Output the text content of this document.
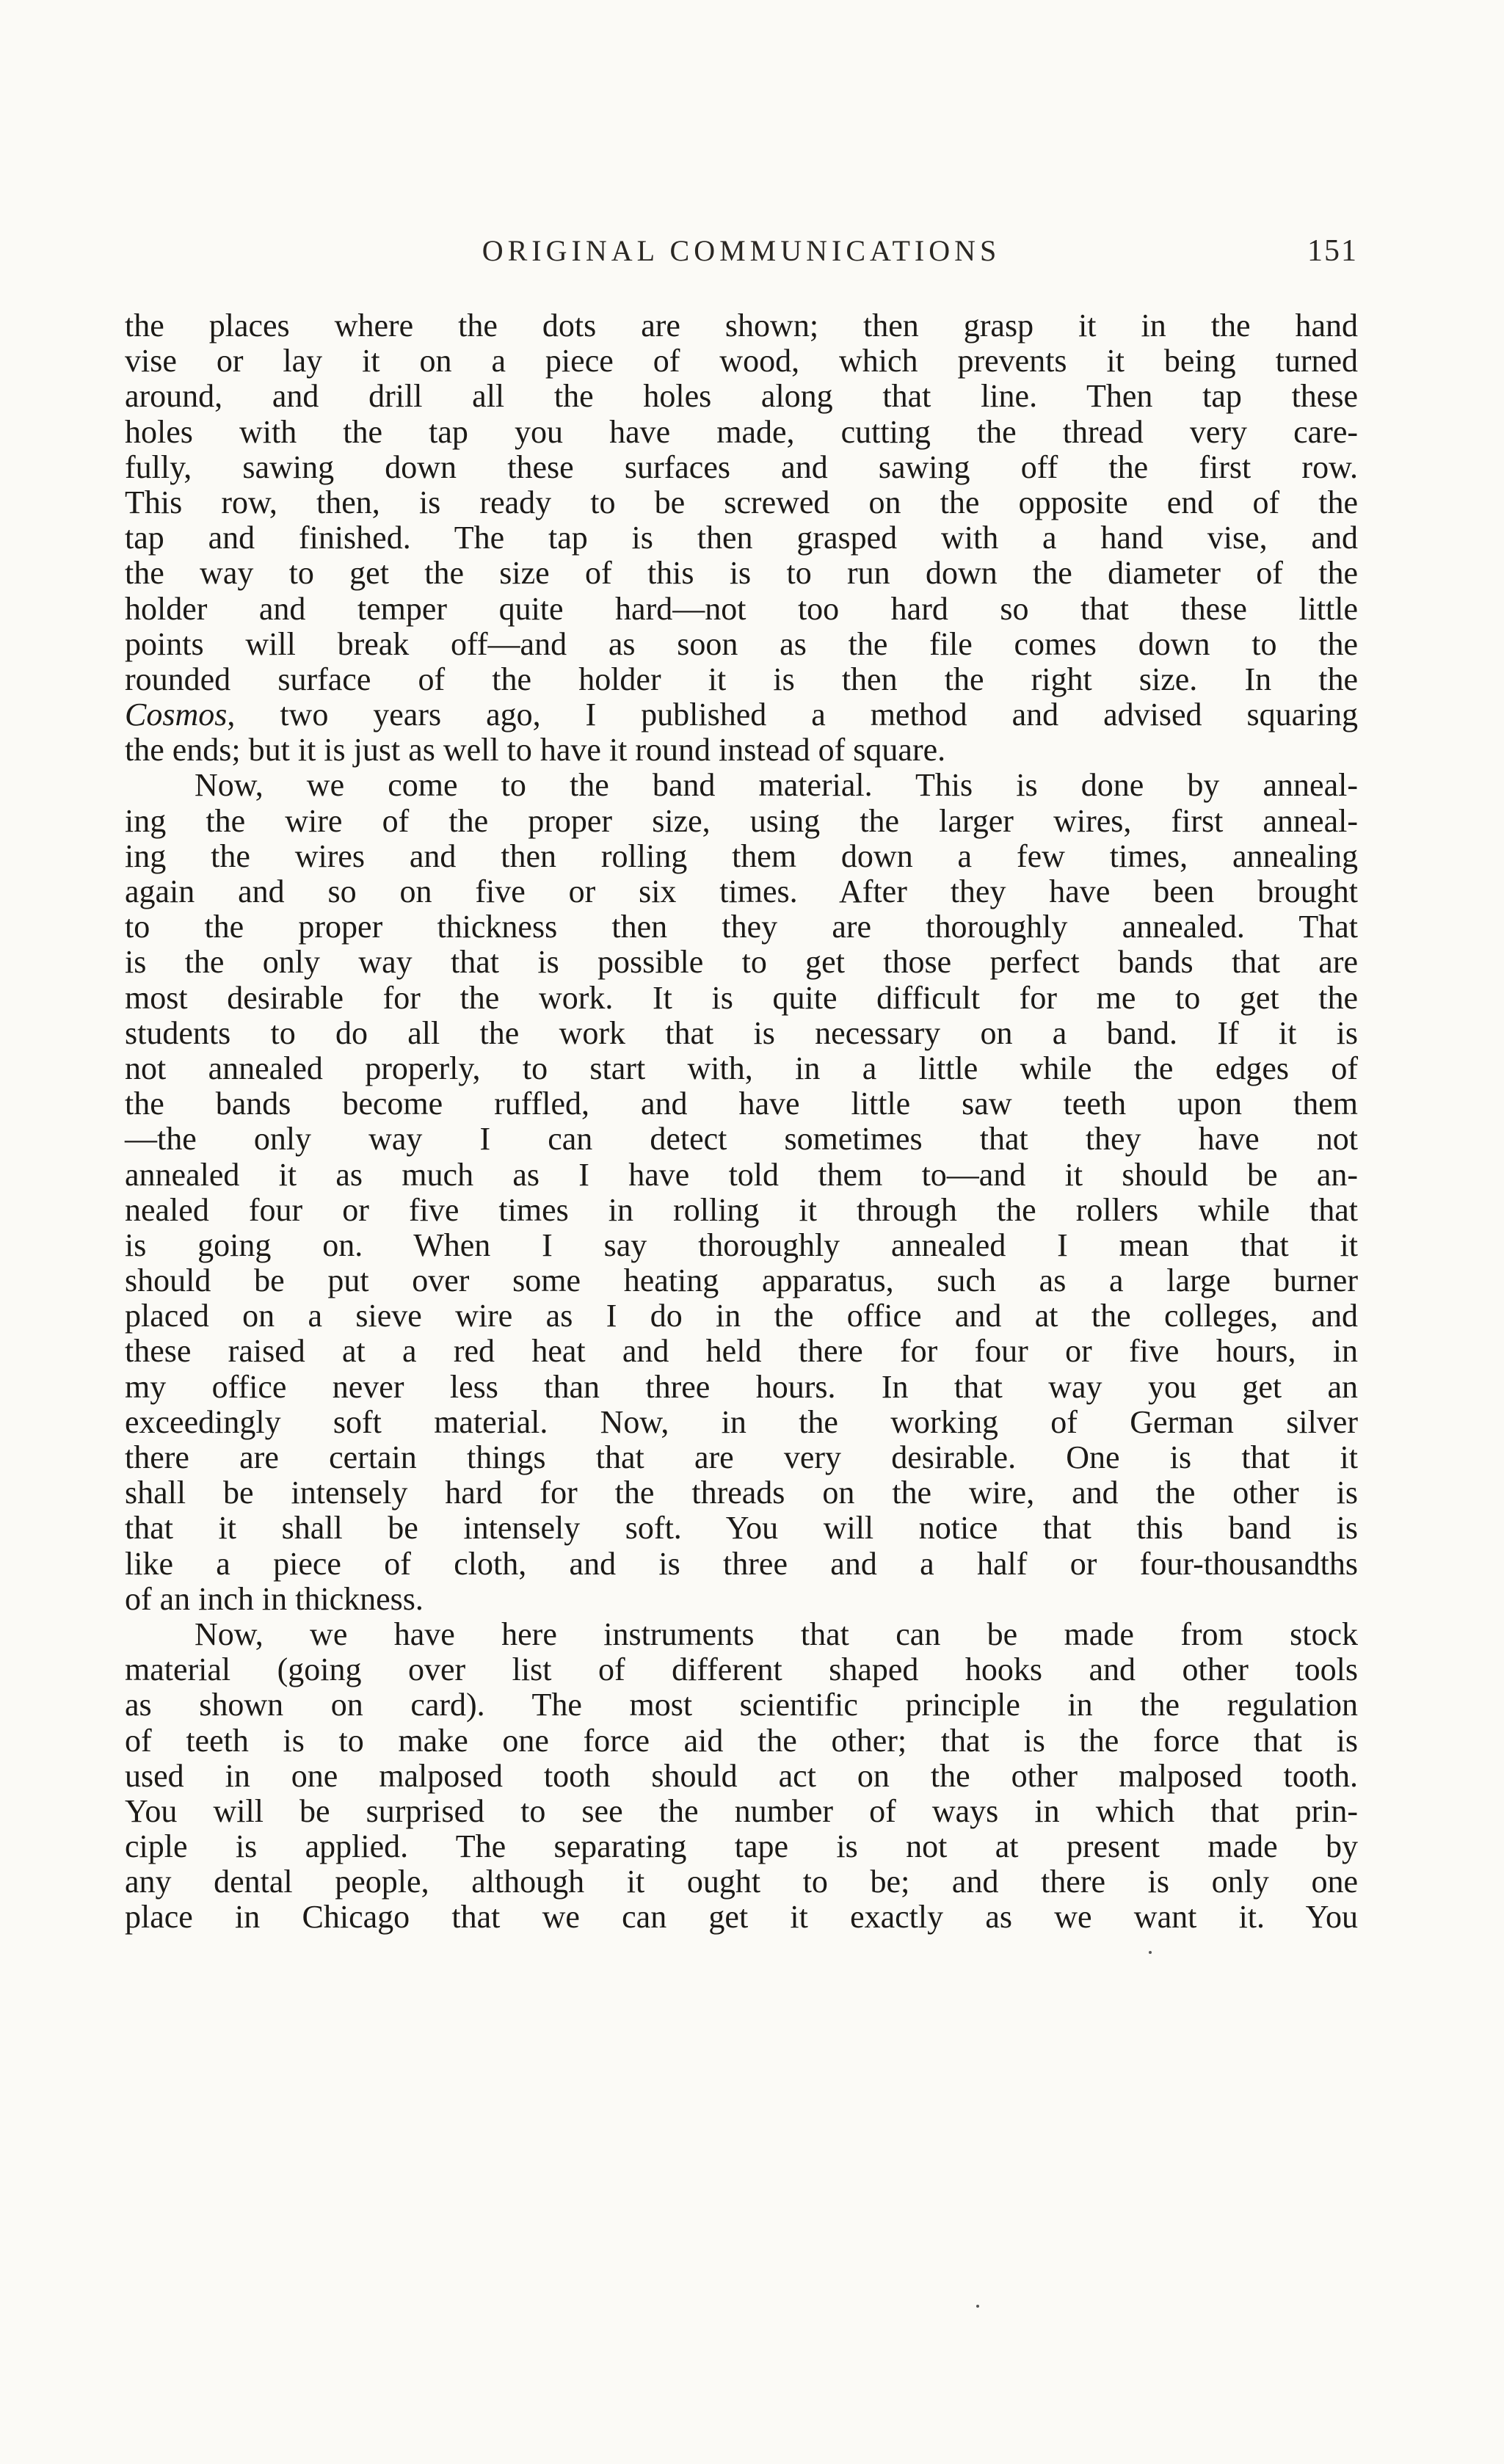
ORIGINAL COMMUNICATIONS	151
the places where the dots are shown; then grasp it in the hand
vise or lay it on a piece of wood, which prevents it being turned
around, and drill all the holes along that line. Then tap these
holes with the tap you have made, cutting the thread very care-
fully, sawing down these surfaces and sawing off the first row.
This row, then, is ready to be screwed on the opposite end of the
tap and finished. The tap is then grasped with a hand vise, and
the way to get the size of this is to run down the diameter of the
holder and temper quite hard—not too hard so that these little
points will break off—and as soon as the file comes down to the
rounded surface of the holder it is then the right size. In the
Cosmos, two years ago, I published a method and advised squaring
the ends; but it is just as well to have it round instead of square.
Now, we come to the band material. This is done by anneal-
ing the wire of the proper size, using the larger wires, first anneal-
ing the wires and then rolling them down a few times, annealing
again and so on five or six times. After they have been brought
to the proper thickness then they are thoroughly annealed. That
is the only way that is possible to get those perfect bands that are
most desirable for the work. It is quite difficult for me to get the
students to do all the work that is necessary on a band. If it is
not annealed properly, to start with, in a little while the edges of
the bands become ruffled, and have little saw teeth upon them
—the only way I can detect sometimes that they have not
annealed it as much as I have told them to—and it should be an-
nealed four or five times in rolling it through the rollers while that
is going on. When I say thoroughly annealed I mean that it
should be put over some heating apparatus, such as a large burner
placed on a sieve wire as I do in the office and at the colleges, and
these raised at a red heat and held there for four or five hours, in
my office never less than three hours. In that way you get an
exceedingly soft material. Now, in the working of German silver
there are certain things that are very desirable. One is that it
shall be intensely hard for the threads on the wire, and the other is
that it shall be intensely soft. You will notice that this band is
like a piece of cloth, and is three and a half or four-thousandths
of an inch in thickness.
Now, we have here instruments that can be made from stock
material (going over list of different shaped hooks and other tools
as shown on card). The most scientific principle in the regulation
of teeth is to make one force aid the other; that is the force that is
used in one malposed tooth should act on the other malposed tooth.
You will be surprised to see the number of ways in which that prin-
ciple is applied. The separating tape is not at present made by
any dental people, although it ought to be; and there is only one
place in Chicago that we can get it exactly as we want it. You
